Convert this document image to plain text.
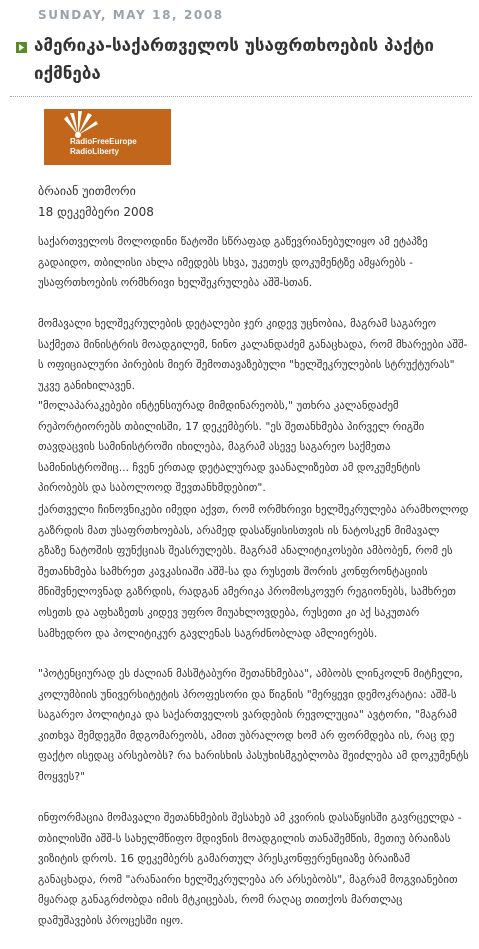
SUNDAY, MAY 18, 2008
ამერიკა-საქართველოს უსაფრთხოების პაქტი იქმნება
RadioFreeEurope
RadioLiberty
ბრაიან უითმორი
18 დეკემბერი 2008

საქართველოს მოლოდინი წატოში სწრაფად გაწევრიანებულიყო ამ ეტაპზე გადაიდო, თბილისი ახლა იმედებს სხვა, უკეთეს დოკუმენტზე ამყარებს - უსაფრთხოების ორმხრივი ხელშეკრულება აშშ-სთან.

მომავალი ხელშეკრულების დეტალები ჯერ კიდევ უცნობია, მაგრამ საგარეო საქმეთა მინისტრის მოადგილემ, ნინო კალანდაძემ განაცხადა, რომ მხარეები აშშ-ს ოფიციალური პირების მიერ შემოთავაზებული "ხელშეკრულების სტრუქტურას" უკვე განიხილავენ.

"მოლაპარაკებები ინტენსიურად მიმდინარეობს," უთხრა კალანდაძემ რეპორტიორებს თბილისში, 17 დეკემბერს. "ეს შეთანხმება პირველ რიგში თავდაცვის სამინისტროში იხილება, მაგრამ ასევე საგარეო საქმეთა სამინისტროშიც... ჩვენ ერთად დეტალურად ვაანალიზებთ ამ დოკუმენტის პირობებს და საბოლოოდ შევთანხმდებით".

ქართველი ჩინოვნიკები იმედი აქვთ, რომ ორმხრივი ხელშეკრულება არამხოლოდ გაზრდის მათ უსაფრთხოებას, არამედ დასაწყისისთვის ის ნატოსკენ მიმავალ გზაზე ნატოშის ფუნქციას შეასრულებს. მაგრამ ანალიტიკოსები ამბობენ, რომ ეს შეთანხმება სამხრეთ კავკასიაში აშშ-სა და რუსეთს შორის კონფრონტაციის მნიშვნელოვნად გაზრდის, რადგან ამერიკა პრომოსკოვურ რეგიონებს, სამხრეთ ოსეთს და აფხაზეთს კიდევ უფრო მიუახლოვდება, რუსეთი კი აქ საკუთარ სამხედრო და პოლიტიკურ გავლენას საგრძნობლად ამლიერებს.

"პოტენციურად ეს ძალიან მასშტაბური შეთანხმებაა", ამბობს ლინკოლნ მიტჩელი, კოლუმბიის უნივერსიტეტის პროფესორი და წიგნის "მერყევი დემოკრატია: აშშ-ს საგარეო პოლიტიკა და საქართველოს ვარდების რევოლუცია" ავტორი, "მაგრამ კითხვა შემდეგში მდგომარეობს, ამით უბრალოდ ხომ არ ფორმდება ის, რაც დე ფაქტო ისედაც არსებობს? რა ხარისხის პასუხისმგებლობა შეიძლება ამ დოკუმენტს მოყვეს?"

ინფორმაცია მომავალი შეთანხმების შესახებ ამ კვირის დასაწყისში გავრცელდა - თბილისში აშშ-ს სახელმწიფო მდივნის მოადგილის თანაშემწის, მეთიუ ბრაიზას ვიზიტის დროს. 16 დეკემბერს გამართულ პრესკონფერენციაზე ბრაიზამ განაცხადა, რომ "არანაირი ხელშეკრულება არ არსებობს", მაგრამ მოგვიანებით მყარად განაგრძობდა იმის მტკიცებას, რომ რაღაც თითქოს მართლაც დამუშავების პროცესში იყო.
